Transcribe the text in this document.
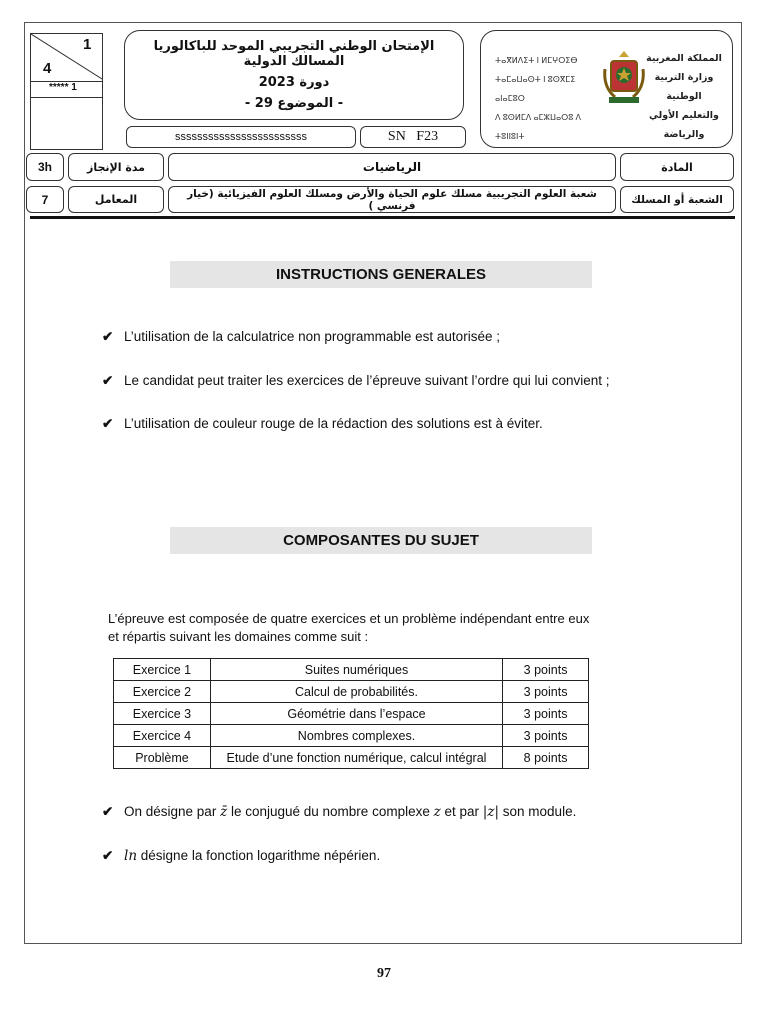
1
4
***** 1
الإمتحان الوطني التجريبي الموحد للباكالوريا المسالك الدولية
دورة 2023
- الموضوع 29 -
ⵜⴰⴳⵍⴷⵉⵜ ⵏ ⵍⵎⵖⵔⵉⴱ
ⵜⴰⵎⴰⵡⴰⵙⵜ ⵏ ⵓⵙⴳⵎⵉ ⴰⵏⴰⵎⵓⵔ
ⴷ ⵓⵙⵍⵎⴷ ⴰⵎⵣⵡⴰⵔⵓ ⴷ ⵜⵓⵏⵏⵓⵏⵜ
المملكة المغربية
وزارة التربية الوطنية
والتعليم الأولي والرياضة
ssssssssssssssssssssssss	SN   F23
3h	مدة الإنجاز	الرياضيات	المادة
7	المعامل	شعبة العلوم التجريبية مسلك علوم الحياة والأرض ومسلك العلوم الفيزيائية (خيار فرنسي )	الشعبة أو المسلك
INSTRUCTIONS GENERALES
✔ L’utilisation de la calculatrice non programmable est autorisée ;
✔ Le candidat peut traiter les exercices de l’épreuve suivant l’ordre qui lui convient ;
✔ L’utilisation de couleur rouge de la rédaction des solutions est à éviter.
COMPOSANTES DU SUJET
L’épreuve est composée de quatre exercices et un problème indépendant entre eux
et répartis suivant les domaines comme suit :
Exercice 1	Suites numériques	3 points
Exercice 2	Calcul de probabilités.	3 points
Exercice 3	Géométrie dans l’espace	3 points
Exercice 4	Nombres complexes.	3 points
Problème	Etude d’une fonction numérique, calcul intégral	8 points
✔ On désigne par z̄ le conjugué du nombre complexe z et par |z| son module.
✔ ln désigne la fonction logarithme népérien.
97
